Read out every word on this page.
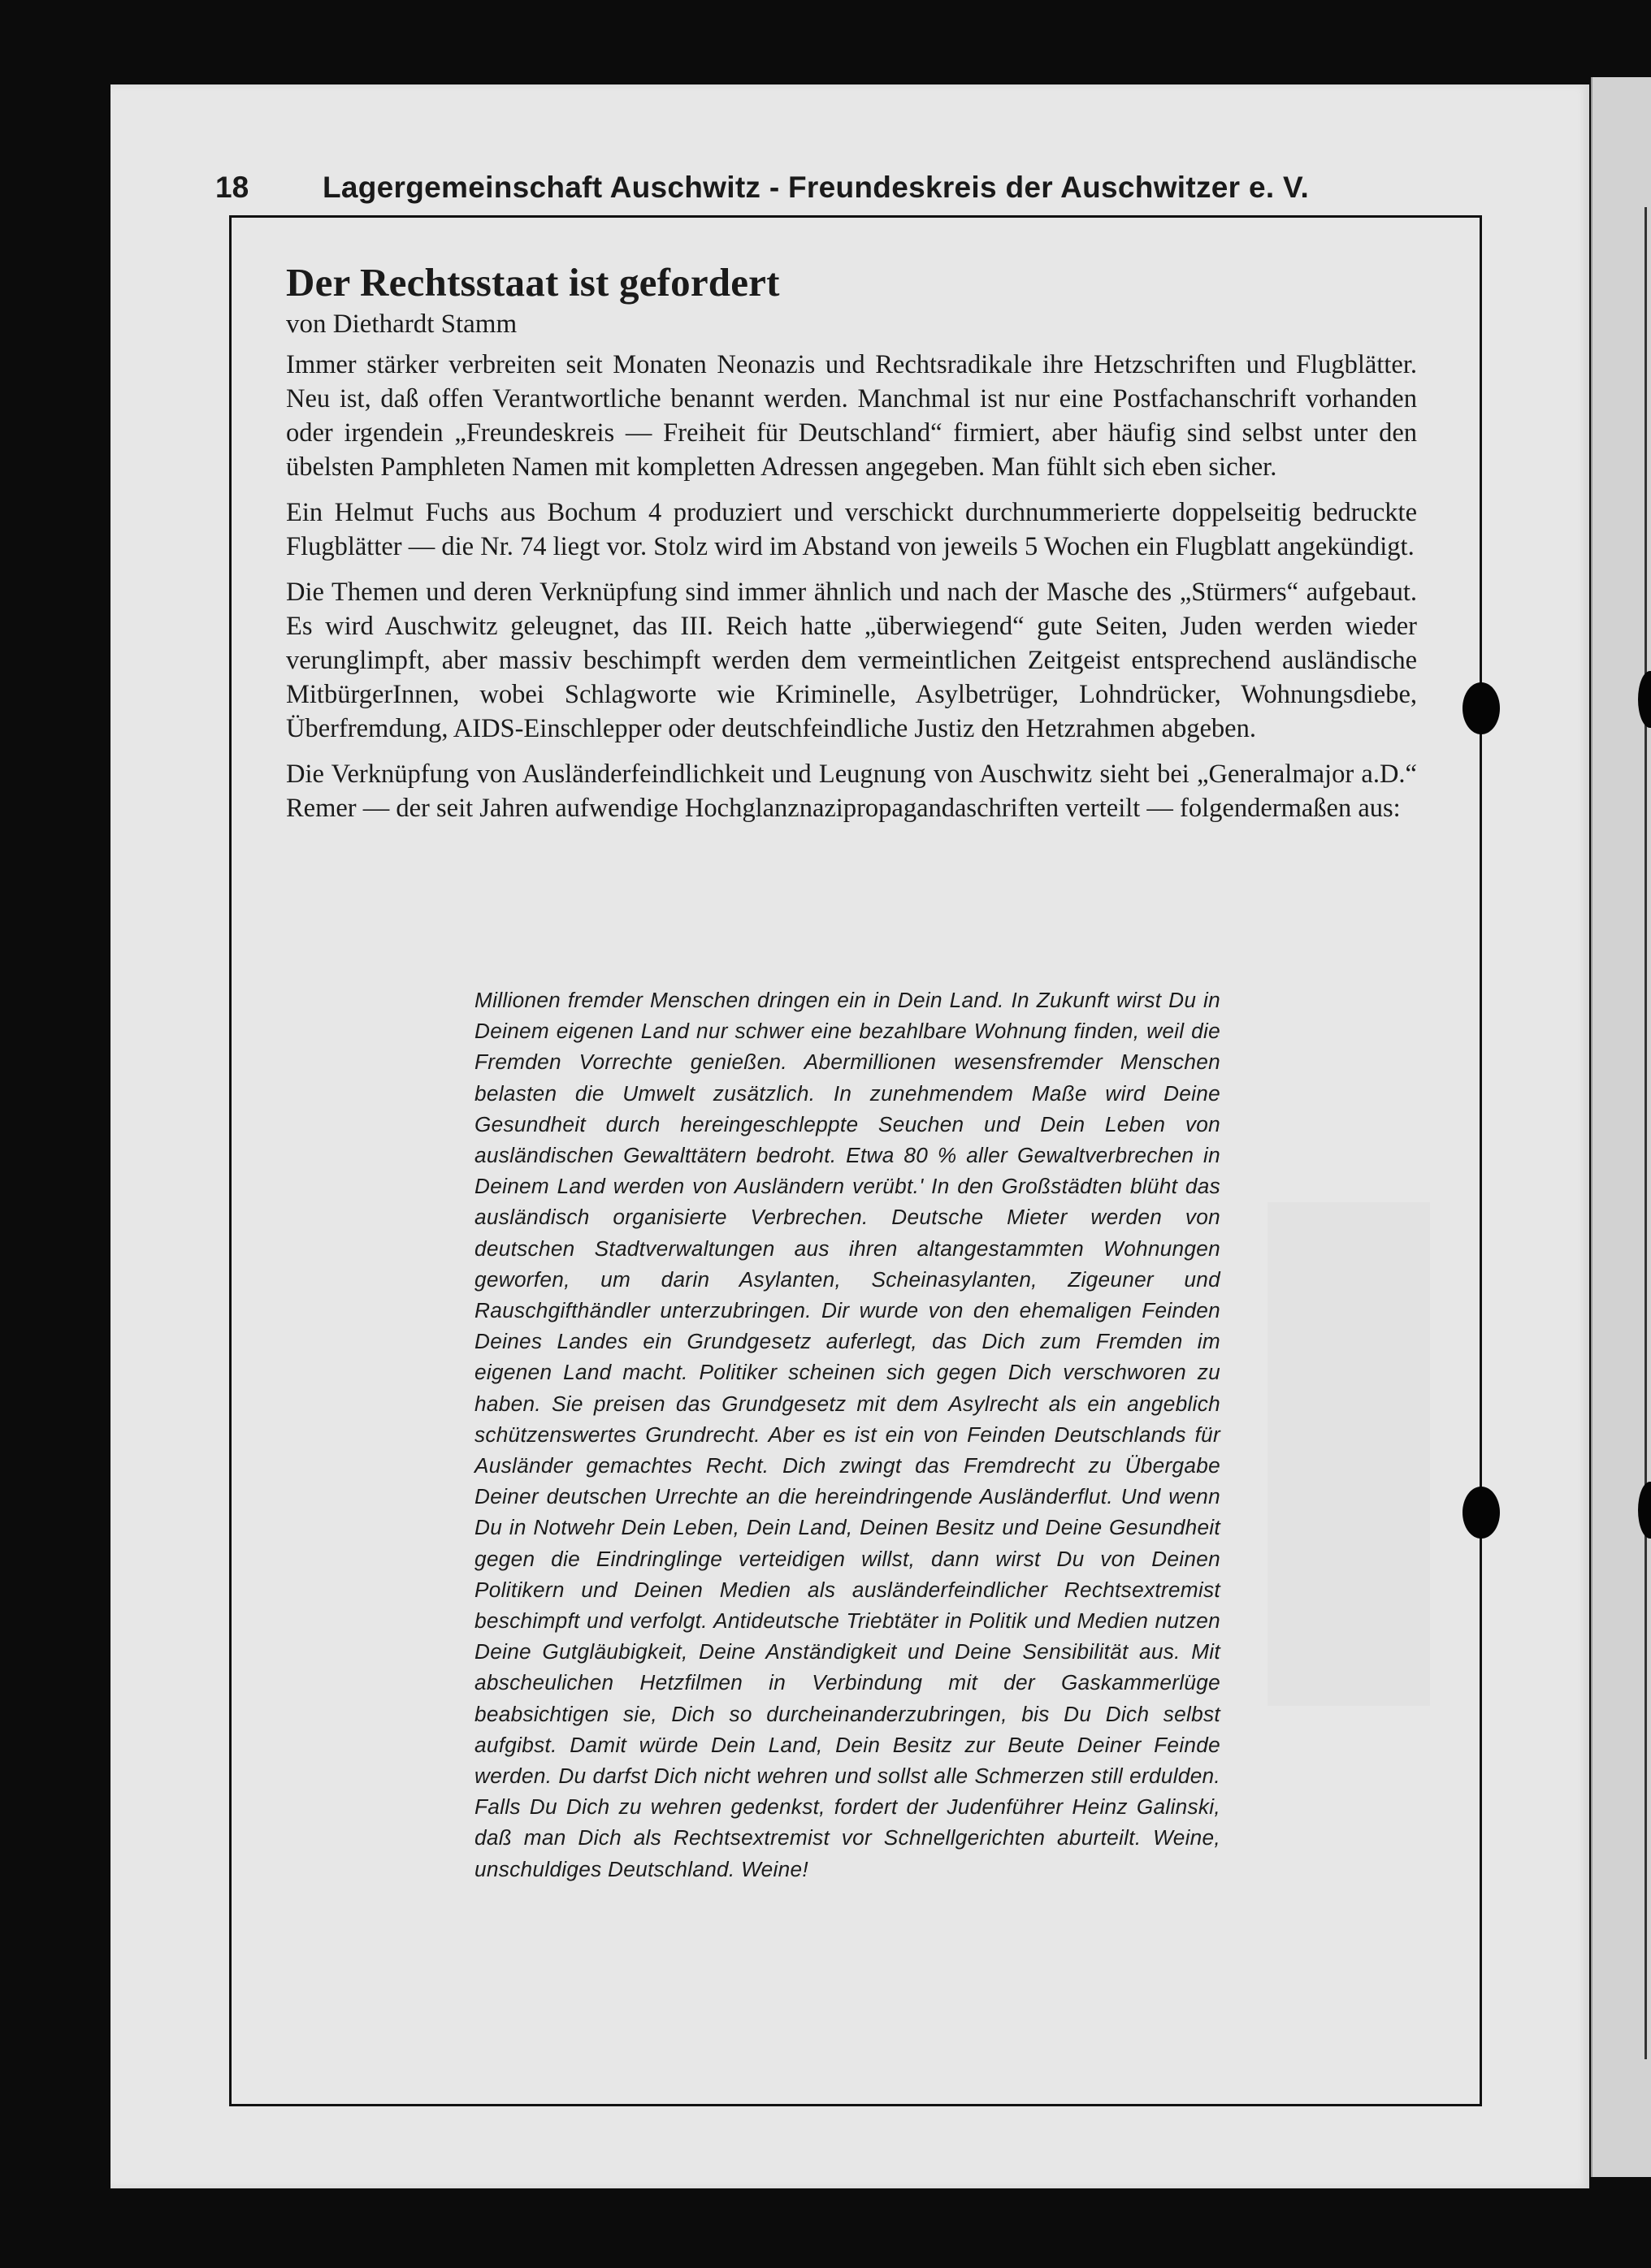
18 Lagergemeinschaft Auschwitz - Freundeskreis der Auschwitzer e. V.
Der Rechtsstaat ist gefordert

von Diethardt Stamm

Immer stärker verbreiten seit Monaten Neonazis und Rechtsradikale ihre Hetzschriften und Flugblätter. Neu ist, daß offen Verantwortliche benannt werden. Manchmal ist nur eine Postfachanschrift vorhanden oder irgendein „Freundeskreis — Freiheit für Deutschland“ firmiert, aber häufig sind selbst unter den übelsten Pamphleten Namen mit kompletten Adressen angegeben. Man fühlt sich eben sicher.

Ein Helmut Fuchs aus Bochum 4 produziert und verschickt durchnummerierte doppelseitig bedruckte Flugblätter — die Nr. 74 liegt vor. Stolz wird im Abstand von jeweils 5 Wochen ein Flugblatt angekündigt.

Die Themen und deren Verknüpfung sind immer ähnlich und nach der Masche des „Stürmers“ aufgebaut. Es wird Auschwitz geleugnet, das III. Reich hatte „überwiegend“ gute Seiten, Juden werden wieder verunglimpft, aber massiv beschimpft werden dem vermeintlichen Zeitgeist entsprechend ausländische MitbürgerInnen, wobei Schlagworte wie Kriminelle, Asylbetrüger, Lohndrücker, Wohnungsdiebe, Überfremdung, AIDS-Einschlepper oder deutschfeindliche Justiz den Hetzrahmen abgeben.

Die Verknüpfung von Ausländerfeindlichkeit und Leugnung von Auschwitz sieht bei „Generalmajor a.D.“ Remer — der seit Jahren aufwendige Hochglanznazipropagandaschriften verteilt — folgendermaßen aus:

Millionen fremder Menschen dringen ein in Dein Land. In Zukunft wirst Du in Deinem eigenen Land nur schwer eine bezahlbare Wohnung finden, weil die Fremden Vorrechte genießen. Abermillionen wesensfremder Menschen belasten die Umwelt zusätzlich. In zunehmendem Maße wird Deine Gesundheit durch hereingeschleppte Seuchen und Dein Leben von ausländischen Gewalttätern bedroht. Etwa 80 % aller Gewaltverbrechen in Deinem Land werden von Ausländern verübt.' In den Großstädten blüht das ausländisch organisierte Verbrechen. Deutsche Mieter werden von deutschen Stadtverwaltungen aus ihren altangestammten Wohnungen geworfen, um darin Asylanten, Scheinasylanten, Zigeuner und Rauschgifthändler unterzubringen. Dir wurde von den ehemaligen Feinden Deines Landes ein Grundgesetz auferlegt, das Dich zum Fremden im eigenen Land macht. Politiker scheinen sich gegen Dich verschworen zu haben. Sie preisen das Grundgesetz mit dem Asylrecht als ein angeblich schützenswertes Grundrecht. Aber es ist ein von Feinden Deutschlands für Ausländer gemachtes Recht. Dich zwingt das Fremdrecht zu Übergabe Deiner deutschen Urrechte an die hereindringende Ausländerflut. Und wenn Du in Notwehr Dein Leben, Dein Land, Deinen Besitz und Deine Gesundheit gegen die Eindringlinge verteidigen willst, dann wirst Du von Deinen Politikern und Deinen Medien als ausländerfeindlicher Rechtsextremist beschimpft und verfolgt. Antideutsche Triebtäter in Politik und Medien nutzen Deine Gutgläubigkeit, Deine Anständigkeit und Deine Sensibilität aus. Mit abscheulichen Hetzfilmen in Verbindung mit der Gaskammerlüge beabsichtigen sie, Dich so durcheinanderzubringen, bis Du Dich selbst aufgibst. Damit würde Dein Land, Dein Besitz zur Beute Deiner Feinde werden. Du darfst Dich nicht wehren und sollst alle Schmerzen still erdulden. Falls Du Dich zu wehren gedenkst, fordert der Judenführer Heinz Galinski, daß man Dich als Rechtsextremist vor Schnellgerichten aburteilt. Weine, unschuldiges Deutschland. Weine!
